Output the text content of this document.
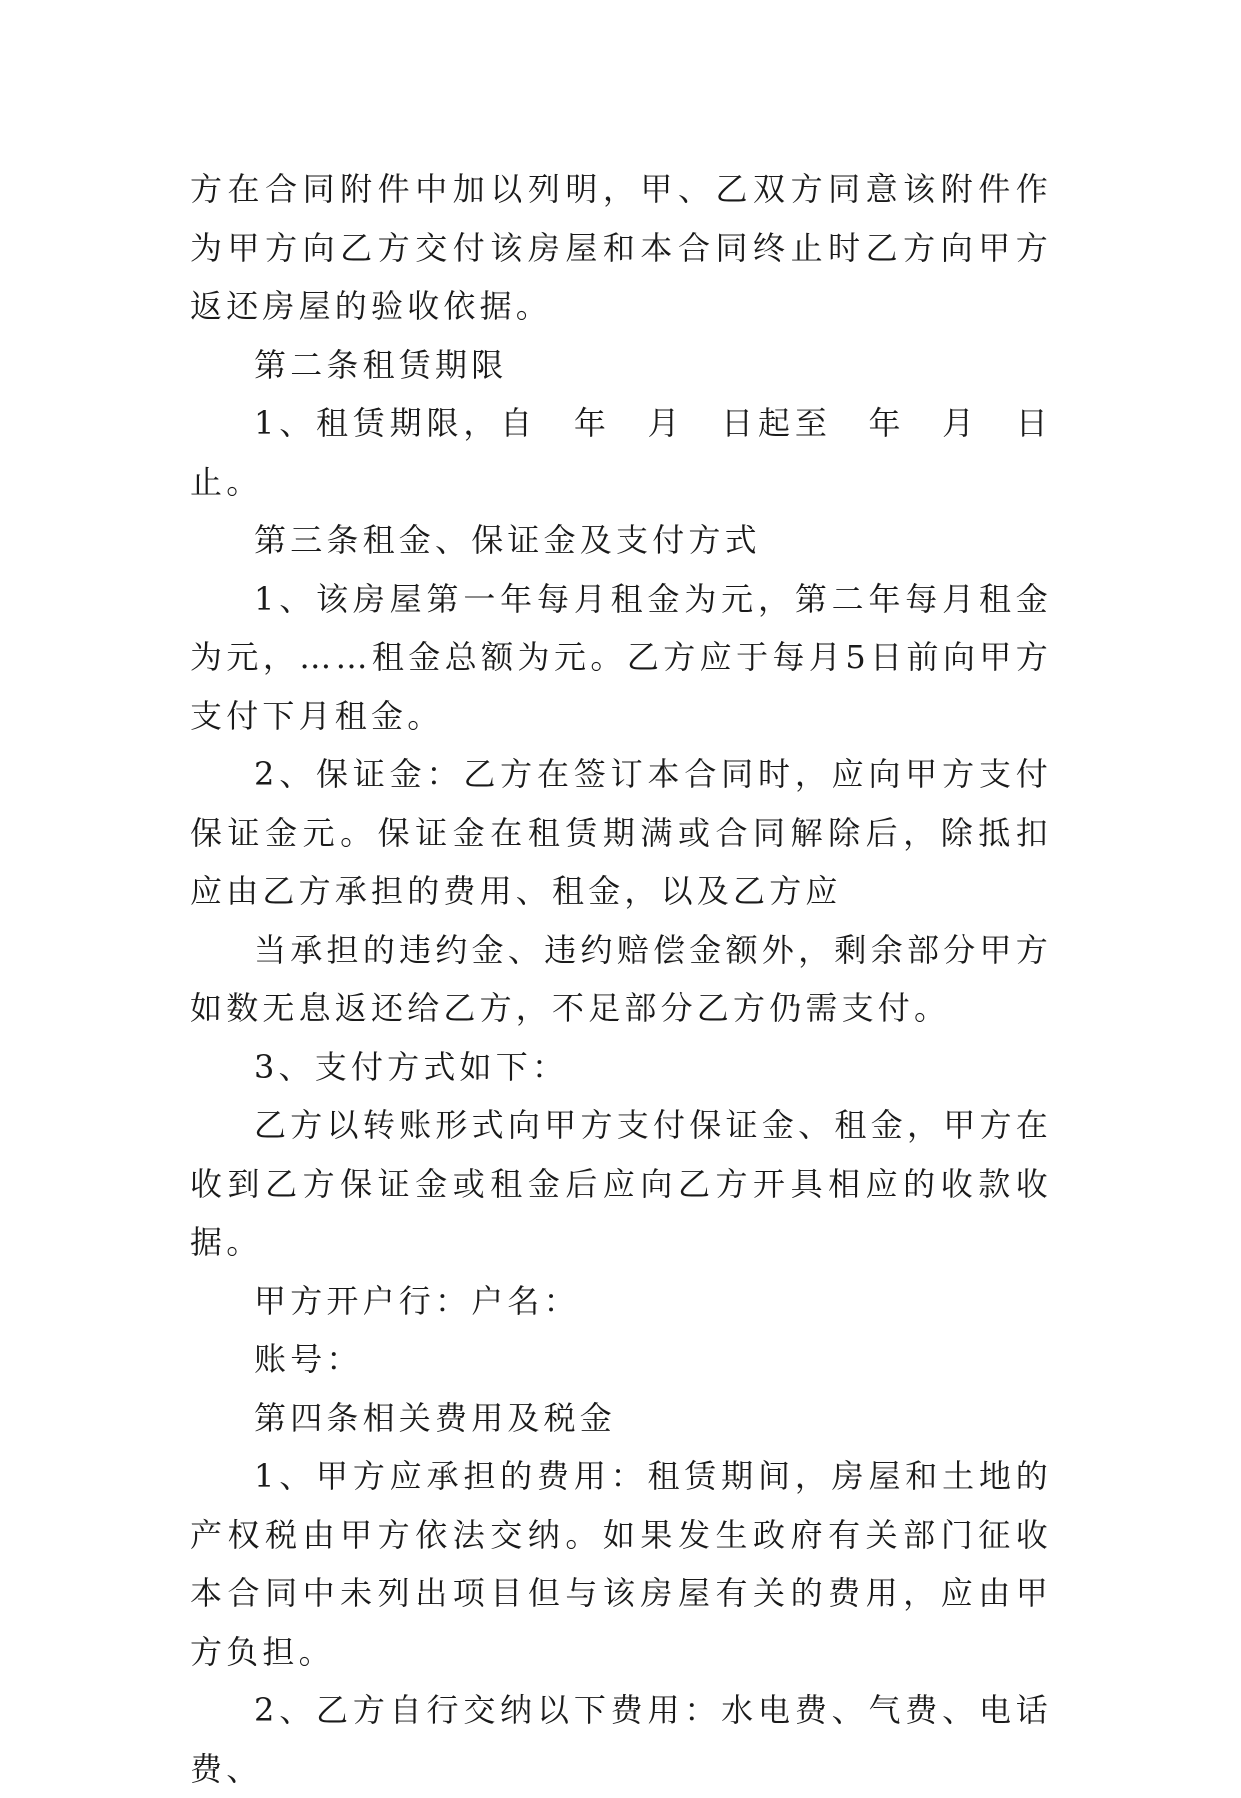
方在合同附件中加以列明，甲、乙双方同意该附件作为甲方向乙方交付该房屋和本合同终止时乙方向甲方返还房屋的验收依据。

第二条租赁期限

1、租赁期限，自　年　月　日起至　年　月　日止。

第三条租金、保证金及支付方式

1、该房屋第一年每月租金为元，第二年每月租金为元，……租金总额为元。乙方应于每月5日前向甲方支付下月租金。

2、保证金：乙方在签订本合同时，应向甲方支付保证金元。保证金在租赁期满或合同解除后，除抵扣应由乙方承担的费用、租金，以及乙方应

当承担的违约金、违约赔偿金额外，剩余部分甲方如数无息返还给乙方，不足部分乙方仍需支付。

3、支付方式如下：

乙方以转账形式向甲方支付保证金、租金，甲方在收到乙方保证金或租金后应向乙方开具相应的收款收据。

甲方开户行：户名：

账号：

第四条相关费用及税金

1、甲方应承担的费用：租赁期间，房屋和土地的产权税由甲方依法交纳。如果发生政府有关部门征收本合同中未列出项目但与该房屋有关的费用，应由甲方负担。

2、乙方自行交纳以下费用：水电费、气费、电话费、
